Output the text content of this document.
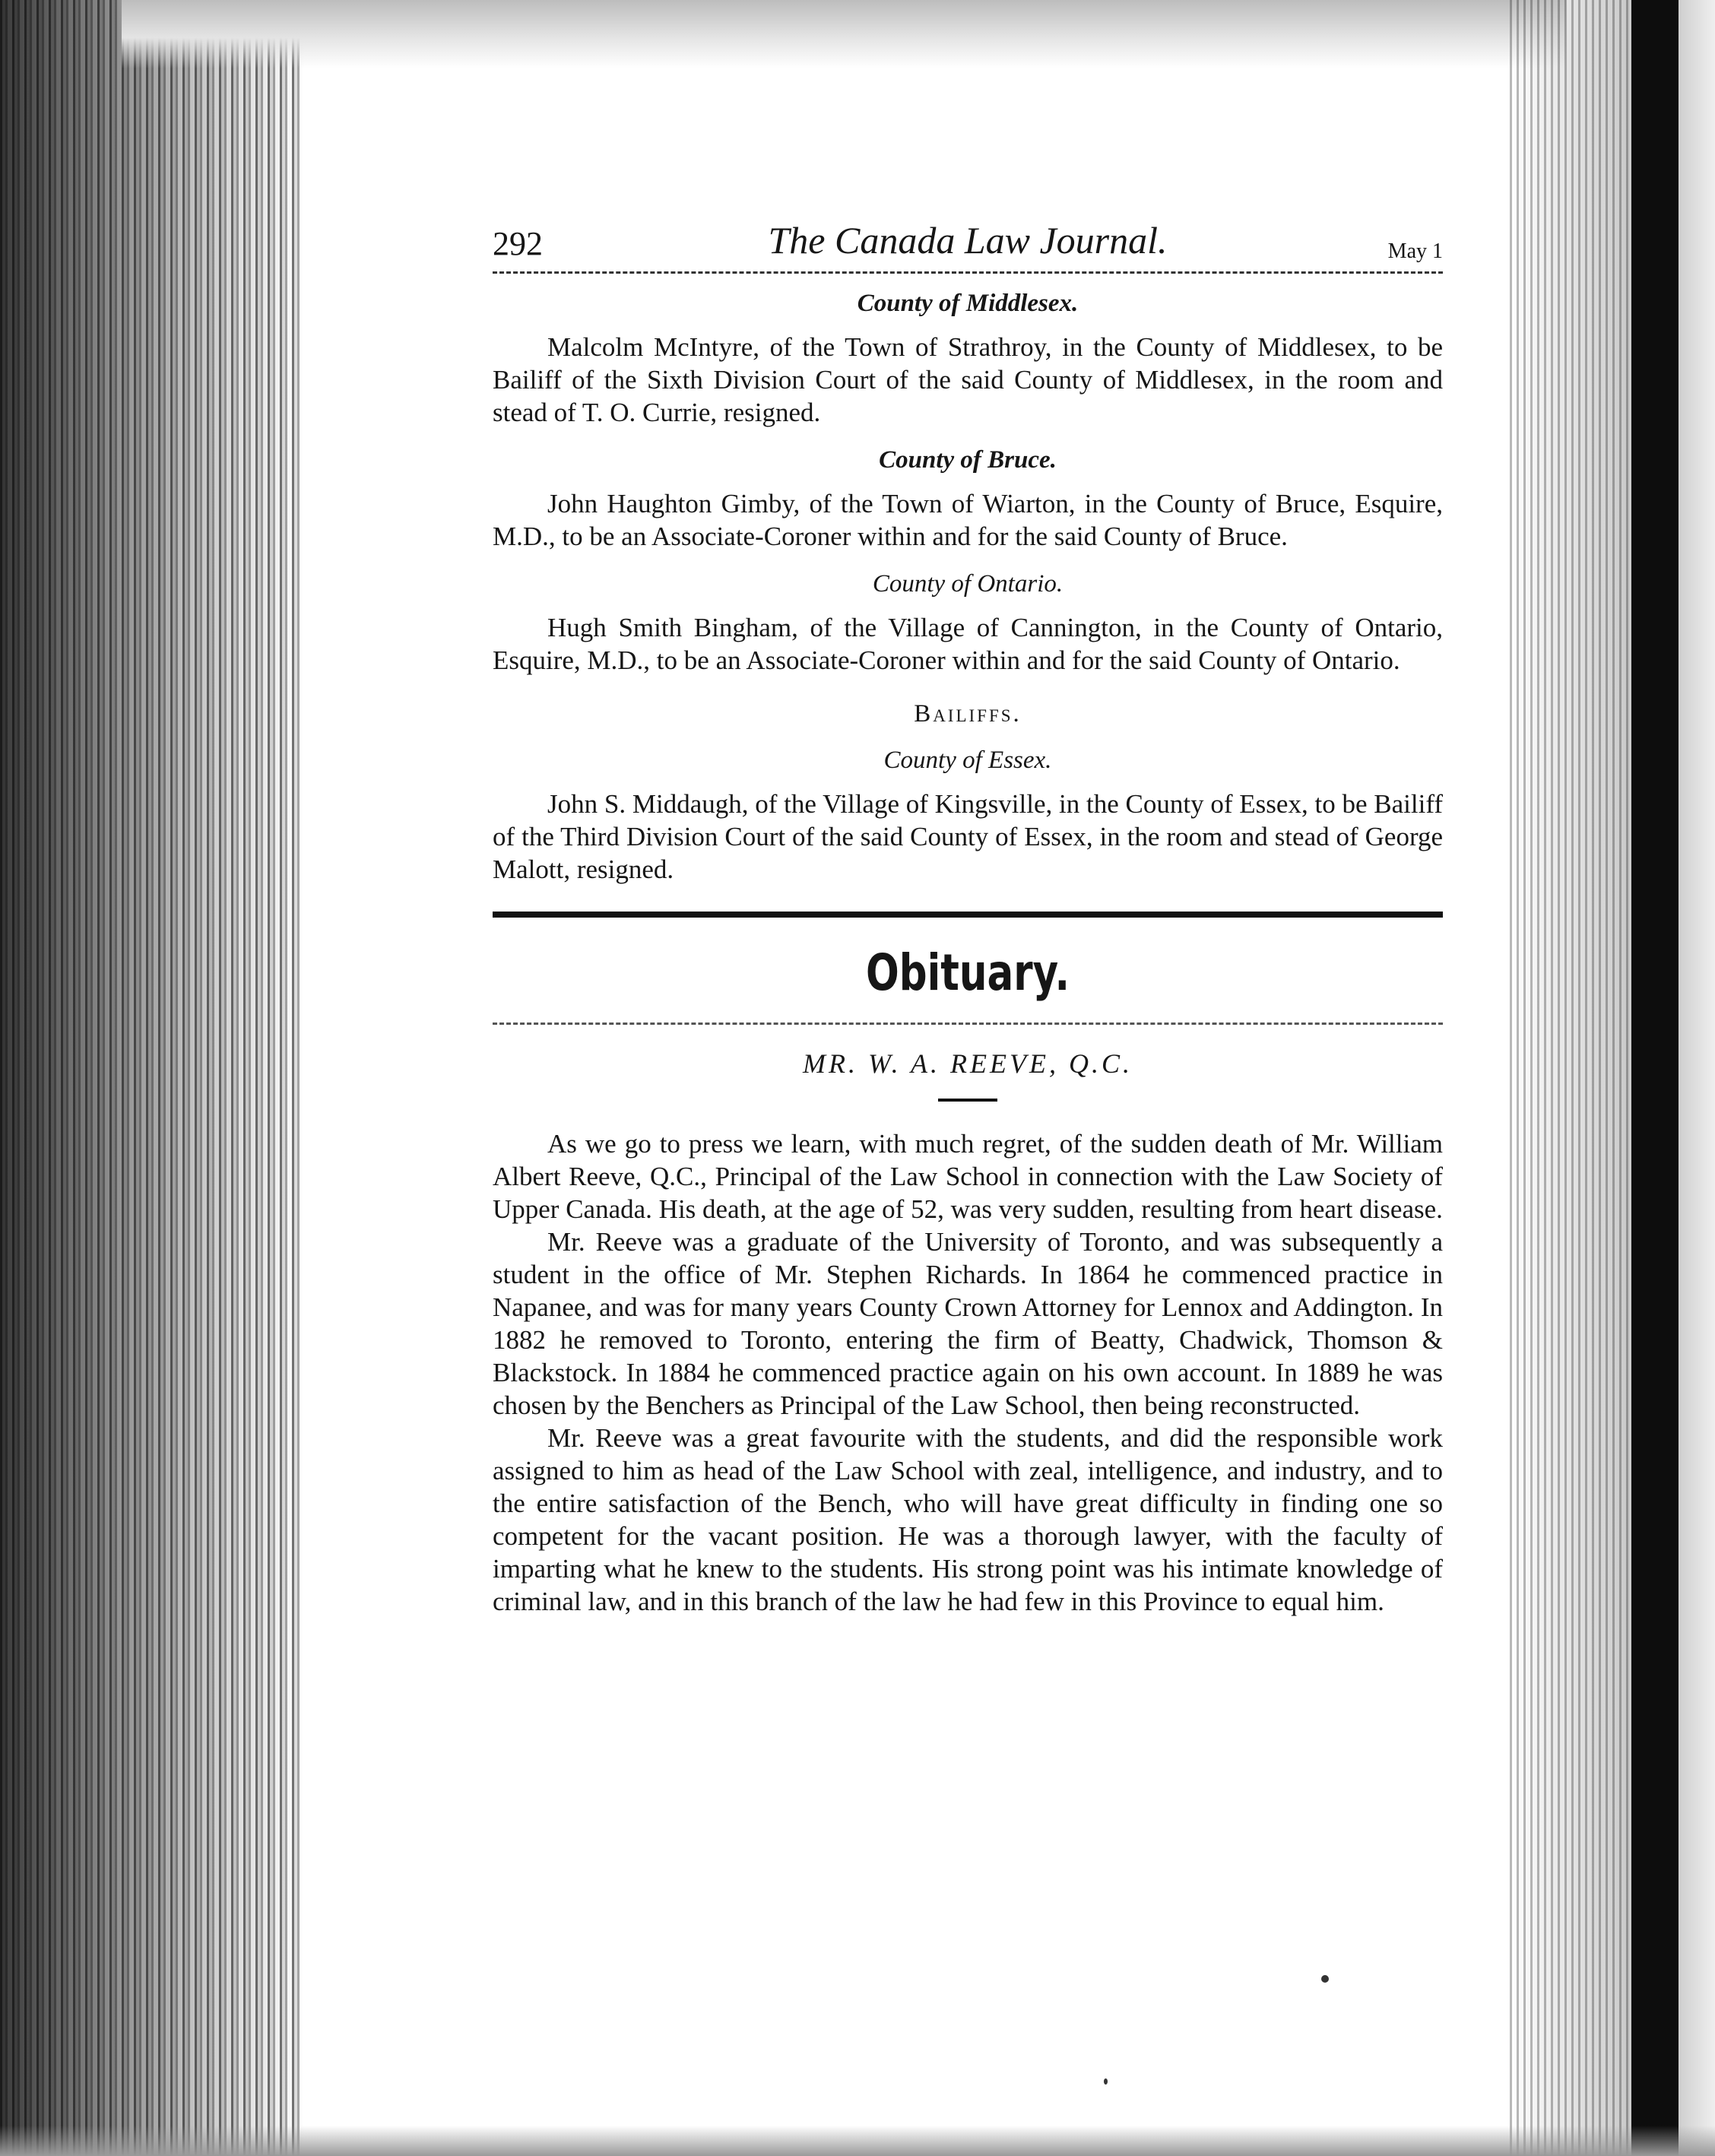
292	The Canada Law Journal.	May 1
County of Middlesex.

Malcolm McIntyre, of the Town of Strathroy, in the County of Middlesex, to be Bailiff of the Sixth Division Court of the said County of Middlesex, in the room and stead of T. O. Currie, resigned.

County of Bruce.

John Haughton Gimby, of the Town of Wiarton, in the County of Bruce, Esquire, M.D., to be an Associate-Coroner within and for the said County of Bruce.

County of Ontario.

Hugh Smith Bingham, of the Village of Cannington, in the County of Ontario, Esquire, M.D., to be an Associate-Coroner within and for the said County of Ontario.

Bailiffs.
County of Essex.

John S. Middaugh, of the Village of Kingsville, in the County of Essex, to be Bailiff of the Third Division Court of the said County of Essex, in the room and stead of George Malott, resigned.

Obituary.
MR. W. A. REEVE, Q.C.

As we go to press we learn, with much regret, of the sudden death of Mr. William Albert Reeve, Q.C., Principal of the Law School in connection with the Law Society of Upper Canada. His death, at the age of 52, was very sudden, resulting from heart disease.

Mr. Reeve was a graduate of the University of Toronto, and was subsequently a student in the office of Mr. Stephen Richards. In 1864 he commenced practice in Napanee, and was for many years County Crown Attorney for Lennox and Addington. In 1882 he removed to Toronto, entering the firm of Beatty, Chadwick, Thomson & Blackstock. In 1884 he commenced practice again on his own account. In 1889 he was chosen by the Benchers as Principal of the Law School, then being reconstructed.

Mr. Reeve was a great favourite with the students, and did the responsible work assigned to him as head of the Law School with zeal, intelligence, and industry, and to the entire satisfaction of the Bench, who will have great difficulty in finding one so competent for the vacant position. He was a thorough lawyer, with the faculty of imparting what he knew to the students. His strong point was his intimate knowledge of criminal law, and in this branch of the law he had few in this Province to equal him.
